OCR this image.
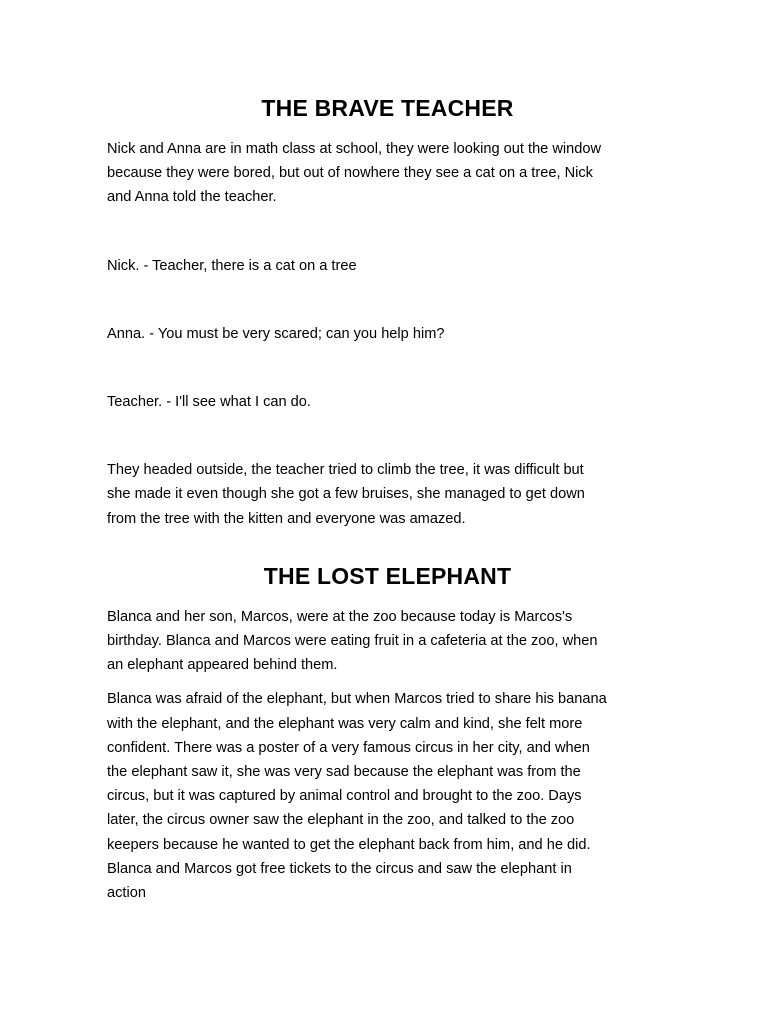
THE BRAVE TEACHER

Nick and Anna are in math class at school, they were looking out the window
because they were bored, but out of nowhere they see a cat on a tree, Nick
and Anna told the teacher.

Nick. - Teacher, there is a cat on a tree

Anna. - You must be very scared; can you help him?

Teacher. - I'll see what I can do.

They headed outside, the teacher tried to climb the tree, it was difficult but
she made it even though she got a few bruises, she managed to get down
from the tree with the kitten and everyone was amazed.

THE LOST ELEPHANT

Blanca and her son, Marcos, were at the zoo because today is Marcos's
birthday. Blanca and Marcos were eating fruit in a cafeteria at the zoo, when
an elephant appeared behind them.

Blanca was afraid of the elephant, but when Marcos tried to share his banana
with the elephant, and the elephant was very calm and kind, she felt more
confident. There was a poster of a very famous circus in her city, and when
the elephant saw it, she was very sad because the elephant was from the
circus, but it was captured by animal control and brought to the zoo. Days
later, the circus owner saw the elephant in the zoo, and talked to the zoo
keepers because he wanted to get the elephant back from him, and he did.
Blanca and Marcos got free tickets to the circus and saw the elephant in
action
